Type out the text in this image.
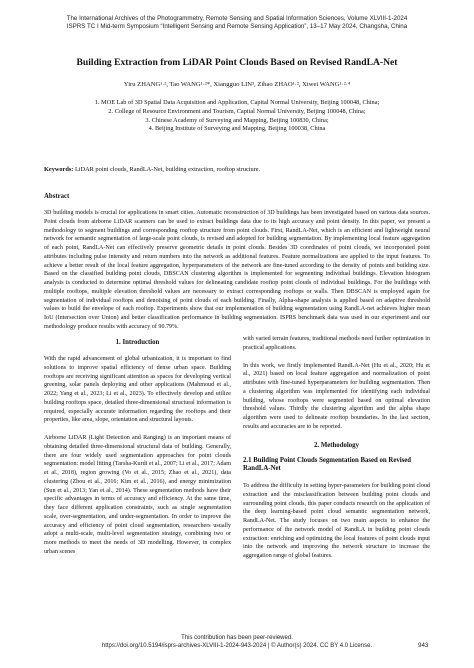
The International Archives of the Photogrammetry, Remote Sensing and Spatial Information Sciences, Volume XLVIII-1-2024
ISPRS TC I Mid-term Symposium “Intelligent Sensing and Remote Sensing Application”, 13–17 May 2024, Changsha, China
Building Extraction from LiDAR Point Clouds Based on Revised RandLA-Net
Yiru ZHANG¹·², Tao WANG¹·²*, Xiangguo LIN³, Zihao ZHAO¹·², Xiwei WANG¹·²·⁴
1. MOE Lab of 3D Spatial Data Acquisition and Application, Capital Normal University, Beijing 100048, China;
2. College of Resource Environment and Tourism, Capital Normal University, Beijing 100048, China;
3. Chinese Academy of Surveying and Mapping, Beijing 100830, China;
4. Beijing Institute of Surveying and Mapping, Beijing 100038, China
Keywords: LiDAR point clouds, RandLA-Net, building extraction, rooftop structure.
Abstract

3D building models is crucial for applications in smart cities. Automatic reconstruction of 3D buildings has been investigated based on various data sources. Point clouds from airborne LiDAR scanners can be used to extract buildings data due to its high accuracy and point density. In this paper, we present a methodology to segment buildings and corresponding rooftop structure from point clouds. First, RandLA-Net, which is an efficient and lightweight neural network for semantic segmentation of large-scale point clouds, is revised and adopted for building segmentation. By implementing local feature aggregation of each point, RandLA-Net can effectively preserve geometric details in point clouds. Besides 3D coordinates of point clouds, we incorporated point attributes including pulse intensity and return numbers into the network as additional features. Feature normalizations are applied to the input features. To achieve a better result of the local feature aggregation, hyperparameters of the network are fine-tuned according to the density of points and building size. Based on the classified building point clouds, DBSCAN clustering algorithm is implemented for segmenting individual buildings. Elevation histogram analysis is conducted to determine optimal threshold values for delineating candidate rooftop point clouds of individual buildings. For the buildings with multiple rooftops, multiple elevation threshold values are necessary to extract corresponding rooftops or walls. Then DBSCAN is employed again for segmentation of individual rooftops and denoising of point clouds of each building. Finally, Alpha-shape analysis is applied based on adaptive threshold values to build the envelope of each rooftop. Experiments show that our implementation of building segmentation using RandLA-net achieves higher mean IoU (Intersection over Union) and better classification performance in building segmentation. ISPRS benchmark data was used in our experiment and our methodology produce results with accuracy of 90.79%.

1. Introduction

With the rapid advancement of global urbanization, it is important to find solutions to improve spatial efficiency of dense urban space. Building rooftops are receiving significant attention as spaces for developing vertical greening, solar panels deploying and other applications (Mahmoud et al., 2022; Yang et al., 2023; Li et al., 2023). To effectively develop and utilize building rooftops space, detailed three-dimensional structural information is required, especially accurate information regarding the rooftops and their properties, like area, slope, orientation and structural layouts.

Airborne LiDAR (Light Detection and Ranging) is an important means of obtaining detailed three-dimensional structural data of building. Generally, there are four widely used segmentation approaches for point clouds segmentation: model fitting (Tarsha-Kurdi et al., 2007; Li et al., 2017; Adam et al., 2018), region growing (Vo et al., 2015; Zhao et al., 2021), data clustering (Zhou et al., 2016; Kim et al., 2016), and energy minimization (Sun et al., 2013; Yan et al., 2014). These segmentation methods have their specific advantages in terms of accuracy and efficiency. At the same time, they face different application constraints, such as single segmentation scale, over-segmentation, and under-segmentation. In order to improve the accuracy and efficiency of point cloud segmentation, researchers usually adopt a multi-scale, multi-level segmentation strategy, combining two or more methods to meet the needs of 3D modelling. However, in complex urban scenes

with varied terrain features, traditional methods need further optimization in practical applications.

In this work, we firstly implemented RandLA-Net (Hu et al., 2020; Hu et al., 2021) based on local feature aggregation and normalization of point attributes with fine-tuned hyperparameters for building segmentation. Then a clustering algorithm was implemented for identifying each individual building, whose rooftops were segmented based on optimal elevation threshold values. Thirdly the clustering algorithm and the alpha shape algorithm were used to delineate rooftop boundaries. In the last section, results and accuracies are to be reported.

2. Methodology
2.1 Building Point Clouds Segmentation Based on Revised RandLA-Net

To address the difficulty in setting hyper-parameters for building point cloud extraction and the misclassification between building point clouds and surrounding point clouds, this paper conducts research on the application of the deep learning-based point cloud semantic segmentation network, RandLA-Net. The study focuses on two main aspects to enhance the performance of the network model of RandLA in building point clouds extraction: enriching and optimizing the local features of point clouds input into the network and improving the network structure to increase the aggregation range of global features.

This contribution has been peer-reviewed.
https://doi.org/10.5194/isprs-archives-XLVIII-1-2024-943-2024 | © Author(s) 2024. CC BY 4.0 License.	943
